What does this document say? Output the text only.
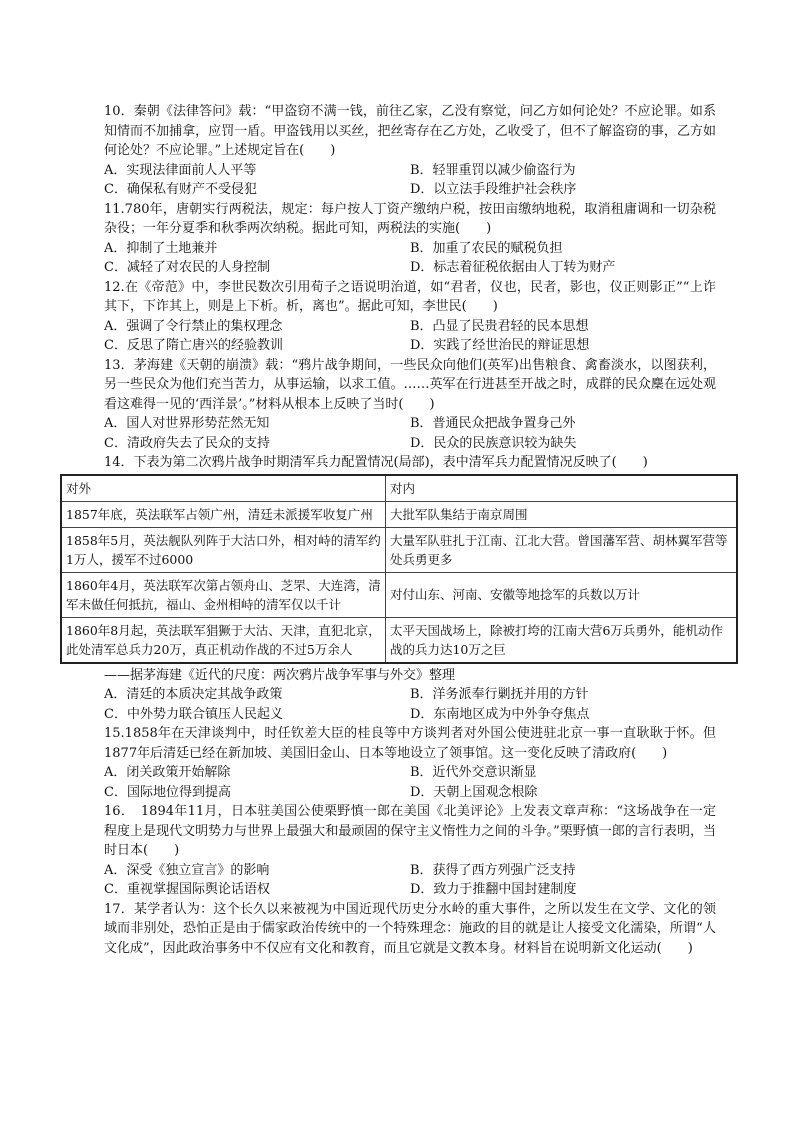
10．秦朝《法律答问》载：“甲盗窃不满一钱，前往乙家，乙没有察觉，问乙方如何论处？不应论罪。如系知情而不加捕拿，应罚一盾。甲盗钱用以买丝，把丝寄存在乙方处，乙收受了，但不了解盗窃的事，乙方如何论处？不应论罪。”上述规定旨在(　　)
A．实现法律面前人人平等	B．轻罪重罚以减少偷盗行为
C．确保私有财产不受侵犯	D．以立法手段维护社会秩序
11.780年，唐朝实行两税法，规定：每户按人丁资产缴纳户税，按田亩缴纳地税，取消租庸调和一切杂税杂役；一年分夏季和秋季两次纳税。据此可知，两税法的实施(　　)
A．抑制了土地兼并	B．加重了农民的赋税负担
C．减轻了对农民的人身控制	D．标志着征税依据由人丁转为财产
12.在《帝范》中，李世民数次引用荀子之语说明治道，如“君者，仪也，民者，影也，仪正则影正”“上诈其下，下诈其上，则是上下析。析，离也”。据此可知，李世民(　　)
A．强调了令行禁止的集权理念	B．凸显了民贵君轻的民本思想
C．反思了隋亡唐兴的经验教训	D．实践了经世治民的辩证思想
13．茅海建《天朝的崩溃》载：“鸦片战争期间，一些民众向他们(英军)出售粮食、禽畜淡水，以图获利，另一些民众为他们充当苦力，从事运输，以求工值。……英军在行进甚至开战之时，成群的民众麇在远处观看这难得一见的‘西洋景’。”材料从根本上反映了当时(　　)
A．国人对世界形势茫然无知	B．普通民众把战争置身己外
C．清政府失去了民众的支持	D．民众的民族意识较为缺失
14．下表为第二次鸦片战争时期清军兵力配置情况(局部)，表中清军兵力配置情况反映了(　　)
对外	对内
1857年底，英法联军占领广州，清廷未派援军收复广州	大批军队集结于南京周围
1858年5月，英法舰队列阵于大沽口外，相对峙的清军约1万人，援军不过6000	大量军队驻扎于江南、江北大营。曾国藩军营、胡林翼军营等处兵勇更多
1860年4月，英法联军次第占领舟山、芝罘、大连湾，清军未做任何抵抗，福山、金州相峙的清军仅以千计	对付山东、河南、安徽等地捻军的兵数以万计
1860年8月起，英法联军猖獗于大沽、天津，直犯北京，此处清军总兵力20万，真正机动作战的不过5万余人	太平天国战场上，除被打垮的江南大营6万兵勇外，能机动作战的兵力达10万之巨
——据茅海建《近代的尺度：两次鸦片战争军事与外交》整理
A．清廷的本质决定其战争政策	B．洋务派奉行剿抚并用的方针
C．中外势力联合镇压人民起义	D．东南地区成为中外争夺焦点
15.1858年在天津谈判中，时任钦差大臣的桂良等中方谈判者对外国公使进驻北京一事一直耿耿于怀。但1877年后清廷已经在新加坡、美国旧金山、日本等地设立了领事馆。这一变化反映了清政府(　　)
A．闭关政策开始解除	B．近代外交意识渐显
C．国际地位得到提高	D．天朝上国观念根除
16．　1894年11月，日本驻美国公使栗野慎一郎在美国《北美评论》上发表文章声称：“这场战争在一定程度上是现代文明势力与世界上最强大和最顽固的保守主义惰性力之间的斗争。”栗野慎一郎的言行表明，当时日本(　　)
A．深受《独立宣言》的影响	B．获得了西方列强广泛支持
C．重视掌握国际舆论话语权	D．致力于推翻中国封建制度
17．某学者认为：这个长久以来被视为中国近现代历史分水岭的重大事件，之所以发生在文学、文化的领域而非别处，恐怕正是由于儒家政治传统中的一个特殊理念：施政的目的就是让人接受文化濡染，所谓“人文化成”，因此政治事务中不仅应有文化和教育，而且它就是文教本身。材料旨在说明新文化运动(　　)
